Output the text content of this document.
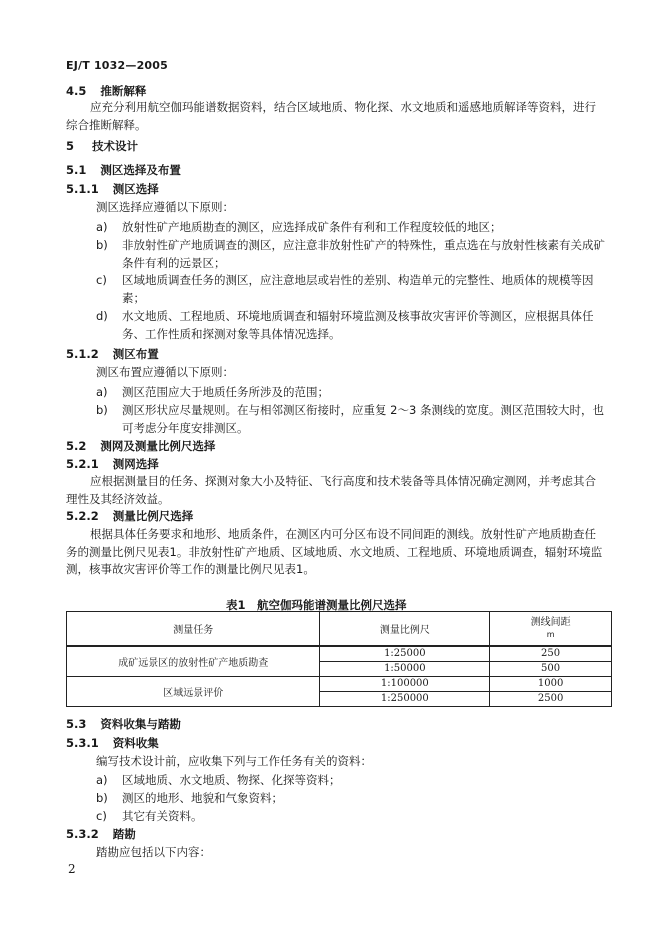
EJ/T 1032—2005
4.5 推断解释
应充分利用航空伽玛能谱数据资料，结合区域地质、物化探、水文地质和遥感地质解译等资料，进行综合推断解释。
5 技术设计
5.1 测区选择及布置
5.1.1 测区选择
测区选择应遵循以下原则：
a)	放射性矿产地质勘查的测区，应选择成矿条件有利和工作程度较低的地区；
b)	非放射性矿产地质调查的测区，应注意非放射性矿产的特殊性，重点选在与放射性核素有关成矿条件有利的远景区；
c)	区域地质调查任务的测区，应注意地层或岩性的差别、构造单元的完整性、地质体的规模等因素；
d)	水文地质、工程地质、环境地质调查和辐射环境监测及核事故灾害评价等测区，应根据具体任务、工作性质和探测对象等具体情况选择。
5.1.2 测区布置
测区布置应遵循以下原则：
a)	测区范围应大于地质任务所涉及的范围；
b)	测区形状应尽量规则。在与相邻测区衔接时，应重复 2～3 条测线的宽度。测区范围较大时，也可考虑分年度安排测区。
5.2 测网及测量比例尺选择
5.2.1 测网选择
应根据测量目的任务、探测对象大小及特征、飞行高度和技术装备等具体情况确定测网，并考虑其合理性及其经济效益。
5.2.2 测量比例尺选择
根据具体任务要求和地形、地质条件，在测区内可分区布设不同间距的测线。放射性矿产地质勘查任务的测量比例尺见表1。非放射性矿产地质、区域地质、水文地质、工程地质、环境地质调查，辐射环境监测，核事故灾害评价等工作的测量比例尺见表1。
表1　航空伽玛能谱测量比例尺选择
测量任务	测量比例尺	测线间距
m

成矿远景区的放射性矿产地质勘查	1:25000	250
	1:50000	500
区域远景评价	1:100000	1000
	1:250000	2500
5.3 资料收集与踏勘
5.3.1 资料收集
编写技术设计前，应收集下列与工作任务有关的资料：
a)	区域地质、水文地质、物探、化探等资料；
b)	测区的地形、地貌和气象资料；
c)	其它有关资料。
5.3.2 踏勘
踏勘应包括以下内容：
2
